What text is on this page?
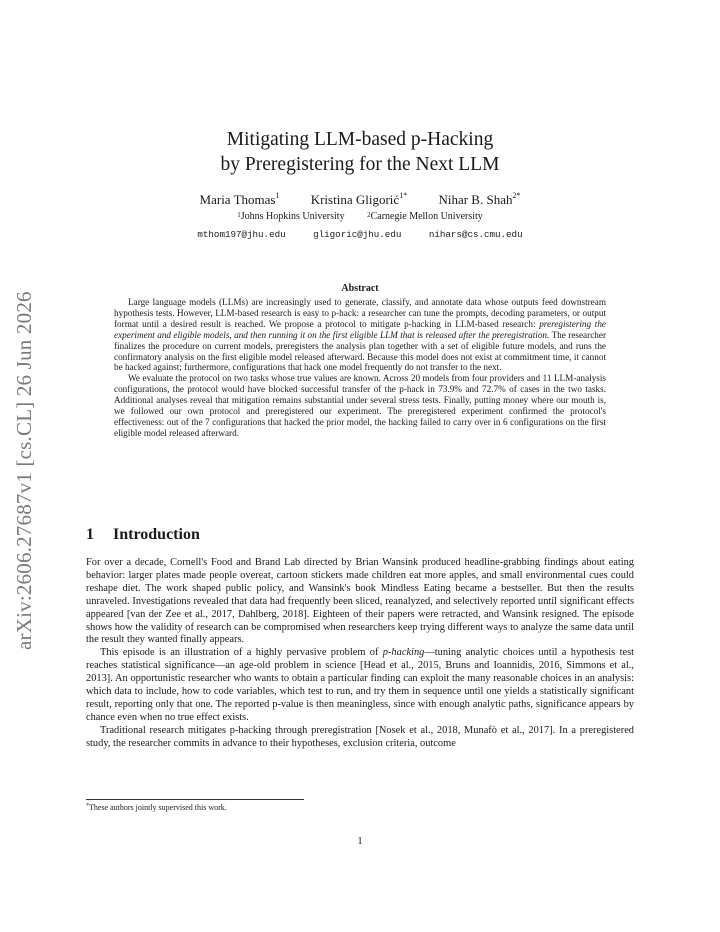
arXiv:2606.27687v1 [cs.CL] 26 Jun 2026
Mitigating LLM-based p-Hacking
by Preregistering for the Next LLM
Maria Thomas$^1$ Kristina Gligorić$^{1*}$ Nihar B. Shah$^{2*}$
$^1$Johns Hopkins University	$^2$Carnegie Mellon University
mthom197@jhu.edu	gligoric@jhu.edu	nihars@cs.cmu.edu
Abstract

Large language models (LLMs) are increasingly used to generate, classify, and annotate data whose outputs feed downstream hypothesis tests. However, LLM-based research is easy to p-hack: a researcher can tune the prompts, decoding parameters, or output format until a desired result is reached. We propose a protocol to mitigate p-hacking in LLM-based research: preregistering the experiment and eligible models, and then running it on the first eligible LLM that is released after the preregistration. The researcher finalizes the procedure on current models, preregisters the analysis plan together with a set of eligible future models, and runs the confirmatory analysis on the first eligible model released afterward. Because this model does not exist at commitment time, it cannot be hacked against; furthermore, configurations that hack one model frequently do not transfer to the next.

We evaluate the protocol on two tasks whose true values are known. Across 20 models from four providers and 11 LLM-analysis configurations, the protocol would have blocked successful transfer of the p-hack in 73.9% and 72.7% of cases in the two tasks. Additional analyses reveal that mitigation remains substantial under several stress tests. Finally, putting money where our mouth is, we followed our own protocol and preregistered our experiment. The preregistered experiment confirmed the protocol's effectiveness: out of the 7 configurations that hacked the prior model, the hacking failed to carry over in 6 configurations on the first eligible model released afterward.

1 Introduction

For over a decade, Cornell's Food and Brand Lab directed by Brian Wansink produced headline-grabbing findings about eating behavior: larger plates made people overeat, cartoon stickers made children eat more apples, and small environmental cues could reshape diet. The work shaped public policy, and Wansink's book Mindless Eating became a bestseller. But then the results unraveled. Investigations revealed that data had frequently been sliced, reanalyzed, and selectively reported until significant effects appeared [van der Zee et al., 2017, Dahlberg, 2018]. Eighteen of their papers were retracted, and Wansink resigned. The episode shows how the validity of research can be compromised when researchers keep trying different ways to analyze the same data until the result they wanted finally appears.

This episode is an illustration of a highly pervasive problem of p-hacking—tuning analytic choices until a hypothesis test reaches statistical significance—an age-old problem in science [Head et al., 2015, Bruns and Ioannidis, 2016, Simmons et al., 2013]. An opportunistic researcher who wants to obtain a particular finding can exploit the many reasonable choices in an analysis: which data to include, how to code variables, which test to run, and try them in sequence until one yields a statistically significant result, reporting only that one. The reported p-value is then meaningless, since with enough analytic paths, significance appears by chance even when no true effect exists.

Traditional research mitigates p-hacking through preregistration [Nosek et al., 2018, Munafò et al., 2017]. In a preregistered study, the researcher commits in advance to their hypotheses, exclusion criteria, outcome

*These authors jointly supervised this work.
1
